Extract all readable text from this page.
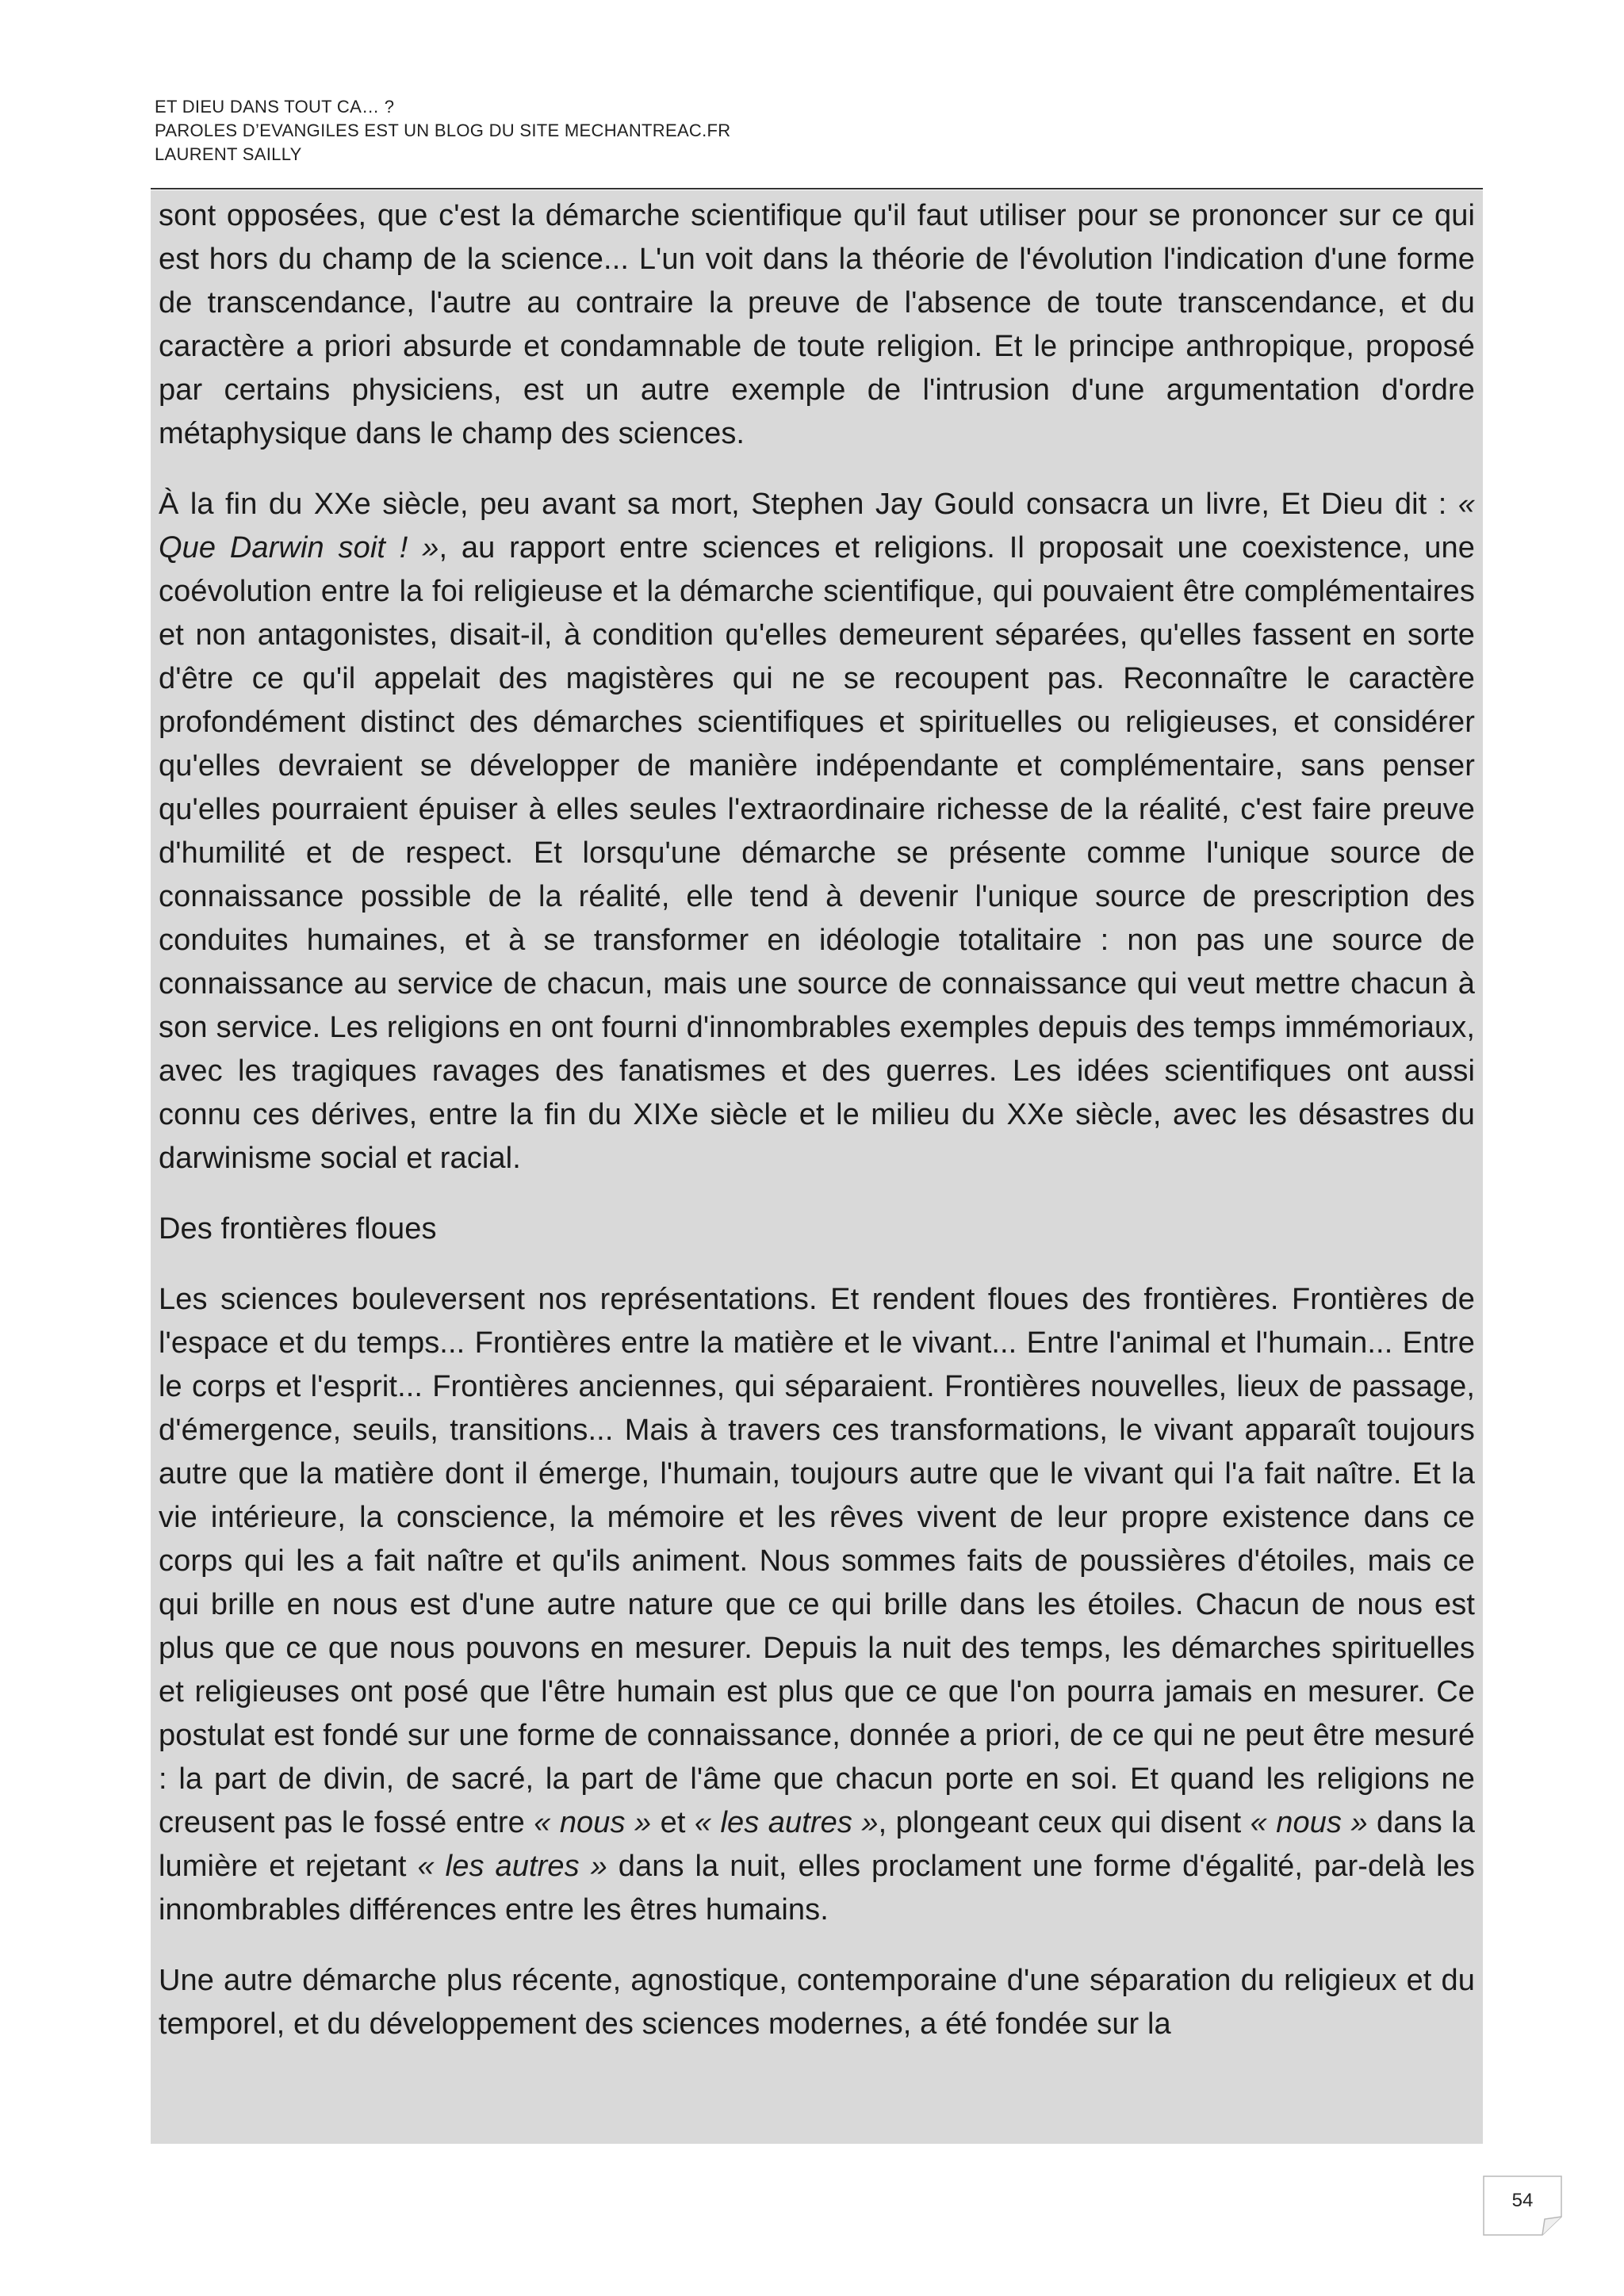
ET DIEU DANS TOUT CA… ?
PAROLES D’EVANGILES EST UN BLOG DU SITE MECHANTREAC.FR
LAURENT SAILLY

sont opposées, que c'est la démarche scientifique qu'il faut utiliser pour se prononcer sur ce qui est hors du champ de la science... L'un voit dans la théorie de l'évolution l'indication d'une forme de transcendance, l'autre au contraire la preuve de l'absence de toute transcendance, et du caractère a priori absurde et condamnable de toute religion. Et le principe anthropique, proposé par certains physiciens, est un autre exemple de l'intrusion d'une argumentation d'ordre métaphysique dans le champ des sciences.

À la fin du XXe siècle, peu avant sa mort, Stephen Jay Gould consacra un livre, Et Dieu dit : « Que Darwin soit ! », au rapport entre sciences et religions. Il proposait une coexistence, une coévolution entre la foi religieuse et la démarche scientifique, qui pouvaient être complémentaires et non antagonistes, disait-il, à condition qu'elles demeurent séparées, qu'elles fassent en sorte d'être ce qu'il appelait des magistères qui ne se recoupent pas. Reconnaître le caractère profondément distinct des démarches scientifiques et spirituelles ou religieuses, et considérer qu'elles devraient se développer de manière indépendante et complémentaire, sans penser qu'elles pourraient épuiser à elles seules l'extraordinaire richesse de la réalité, c'est faire preuve d'humilité et de respect. Et lorsqu'une démarche se présente comme l'unique source de connaissance possible de la réalité, elle tend à devenir l'unique source de prescription des conduites humaines, et à se transformer en idéologie totalitaire : non pas une source de connaissance au service de chacun, mais une source de connaissance qui veut mettre chacun à son service. Les religions en ont fourni d'innombrables exemples depuis des temps immémoriaux, avec les tragiques ravages des fanatismes et des guerres. Les idées scientifiques ont aussi connu ces dérives, entre la fin du XIXe siècle et le milieu du XXe siècle, avec les désastres du darwinisme social et racial.

Des frontières floues

Les sciences bouleversent nos représentations. Et rendent floues des frontières. Frontières de l'espace et du temps... Frontières entre la matière et le vivant... Entre l'animal et l'humain... Entre le corps et l'esprit... Frontières anciennes, qui séparaient. Frontières nouvelles, lieux de passage, d'émergence, seuils, transitions... Mais à travers ces transformations, le vivant apparaît toujours autre que la matière dont il émerge, l'humain, toujours autre que le vivant qui l'a fait naître. Et la vie intérieure, la conscience, la mémoire et les rêves vivent de leur propre existence dans ce corps qui les a fait naître et qu'ils animent. Nous sommes faits de poussières d'étoiles, mais ce qui brille en nous est d'une autre nature que ce qui brille dans les étoiles. Chacun de nous est plus que ce que nous pouvons en mesurer. Depuis la nuit des temps, les démarches spirituelles et religieuses ont posé que l'être humain est plus que ce que l'on pourra jamais en mesurer. Ce postulat est fondé sur une forme de connaissance, donnée a priori, de ce qui ne peut être mesuré : la part de divin, de sacré, la part de l'âme que chacun porte en soi. Et quand les religions ne creusent pas le fossé entre « nous » et « les autres », plongeant ceux qui disent « nous » dans la lumière et rejetant « les autres » dans la nuit, elles proclament une forme d'égalité, par-delà les innombrables différences entre les êtres humains.

Une autre démarche plus récente, agnostique, contemporaine d'une séparation du religieux et du temporel, et du développement des sciences modernes, a été fondée sur la

54
